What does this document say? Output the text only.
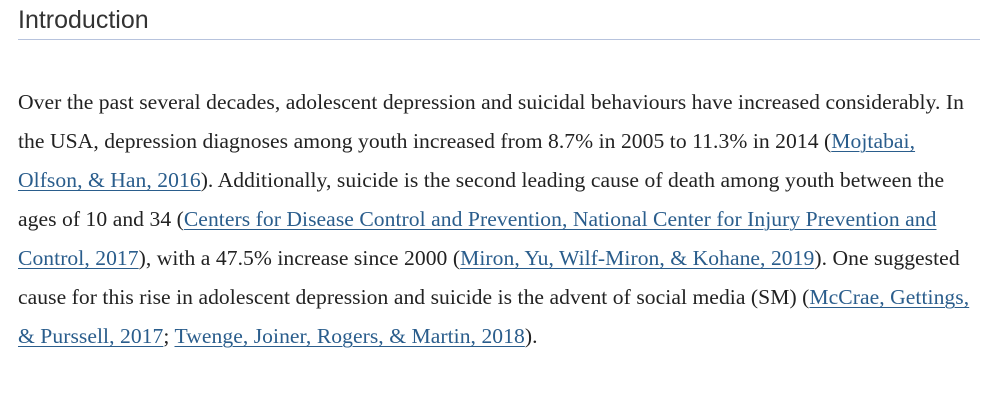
Introduction

Over the past several decades, adolescent depression and suicidal behaviours have increased considerably. In the USA, depression diagnoses among youth increased from 8.7% in 2005 to 11.3% in 2014 (Mojtabai, Olfson, & Han, 2016). Additionally, suicide is the second leading cause of death among youth between the ages of 10 and 34 (Centers for Disease Control and Prevention, National Center for Injury Prevention and Control, 2017), with a 47.5% increase since 2000 (Miron, Yu, Wilf-Miron, & Kohane, 2019). One suggested cause for this rise in adolescent depression and suicide is the advent of social media (SM) (McCrae, Gettings, & Purssell, 2017; Twenge, Joiner, Rogers, & Martin, 2018).
